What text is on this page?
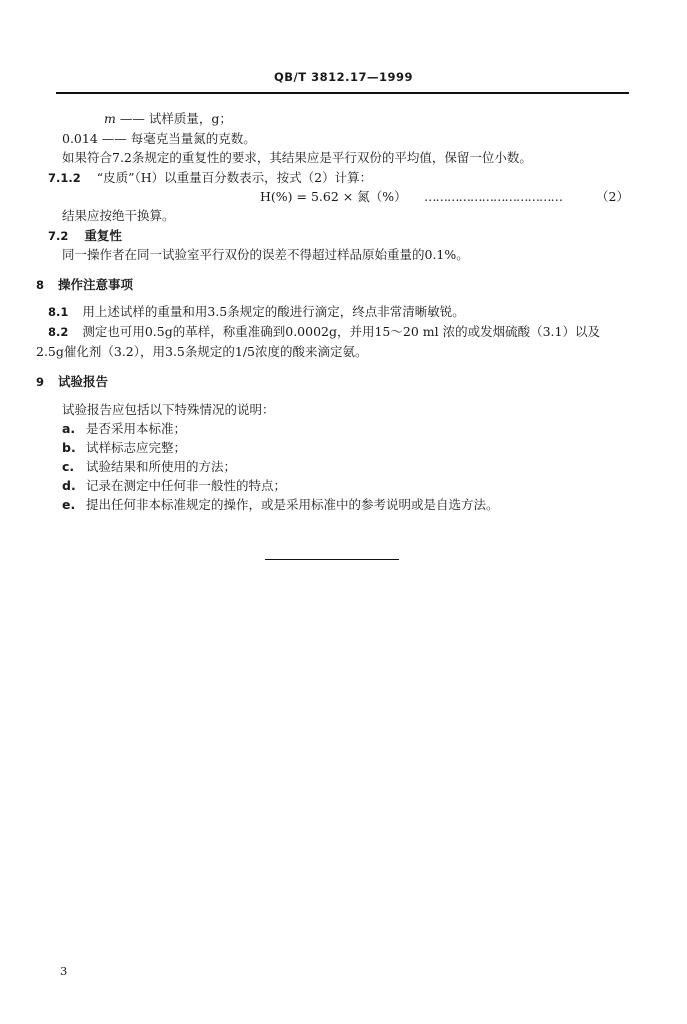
QB/T 3812.17—1999
m —— 试样质量，g；
0.014 —— 每毫克当量氮的克数。
如果符合7.2条规定的重复性的要求，其结果应是平行双份的平均值，保留一位小数。
7.1.2 “皮质”（H）以重量百分数表示，按式（2）计算：
H(%) = 5.62 × 氮（%） ………………………………	（2）
结果应按绝干换算。
7.2 重复性
同一操作者在同一试验室平行双份的误差不得超过样品原始重量的0.1%。
8 操作注意事项
8.1 用上述试样的重量和用3.5条规定的酸进行滴定，终点非常清晰敏锐。
8.2 测定也可用0.5g的革样，称重准确到0.0002g，并用15～20 ml 浓的或发烟硫酸（3.1）以及
2.5g催化剂（3.2），用3.5条规定的1/5浓度的酸来滴定氨。
9 试验报告
试验报告应包括以下特殊情况的说明：
a. 是否采用本标准；
b. 试样标志应完整；
c. 试验结果和所使用的方法；
d. 记录在测定中任何非一般性的特点；
e. 提出任何非本标准规定的操作，或是采用标准中的参考说明或是自选方法。
3
